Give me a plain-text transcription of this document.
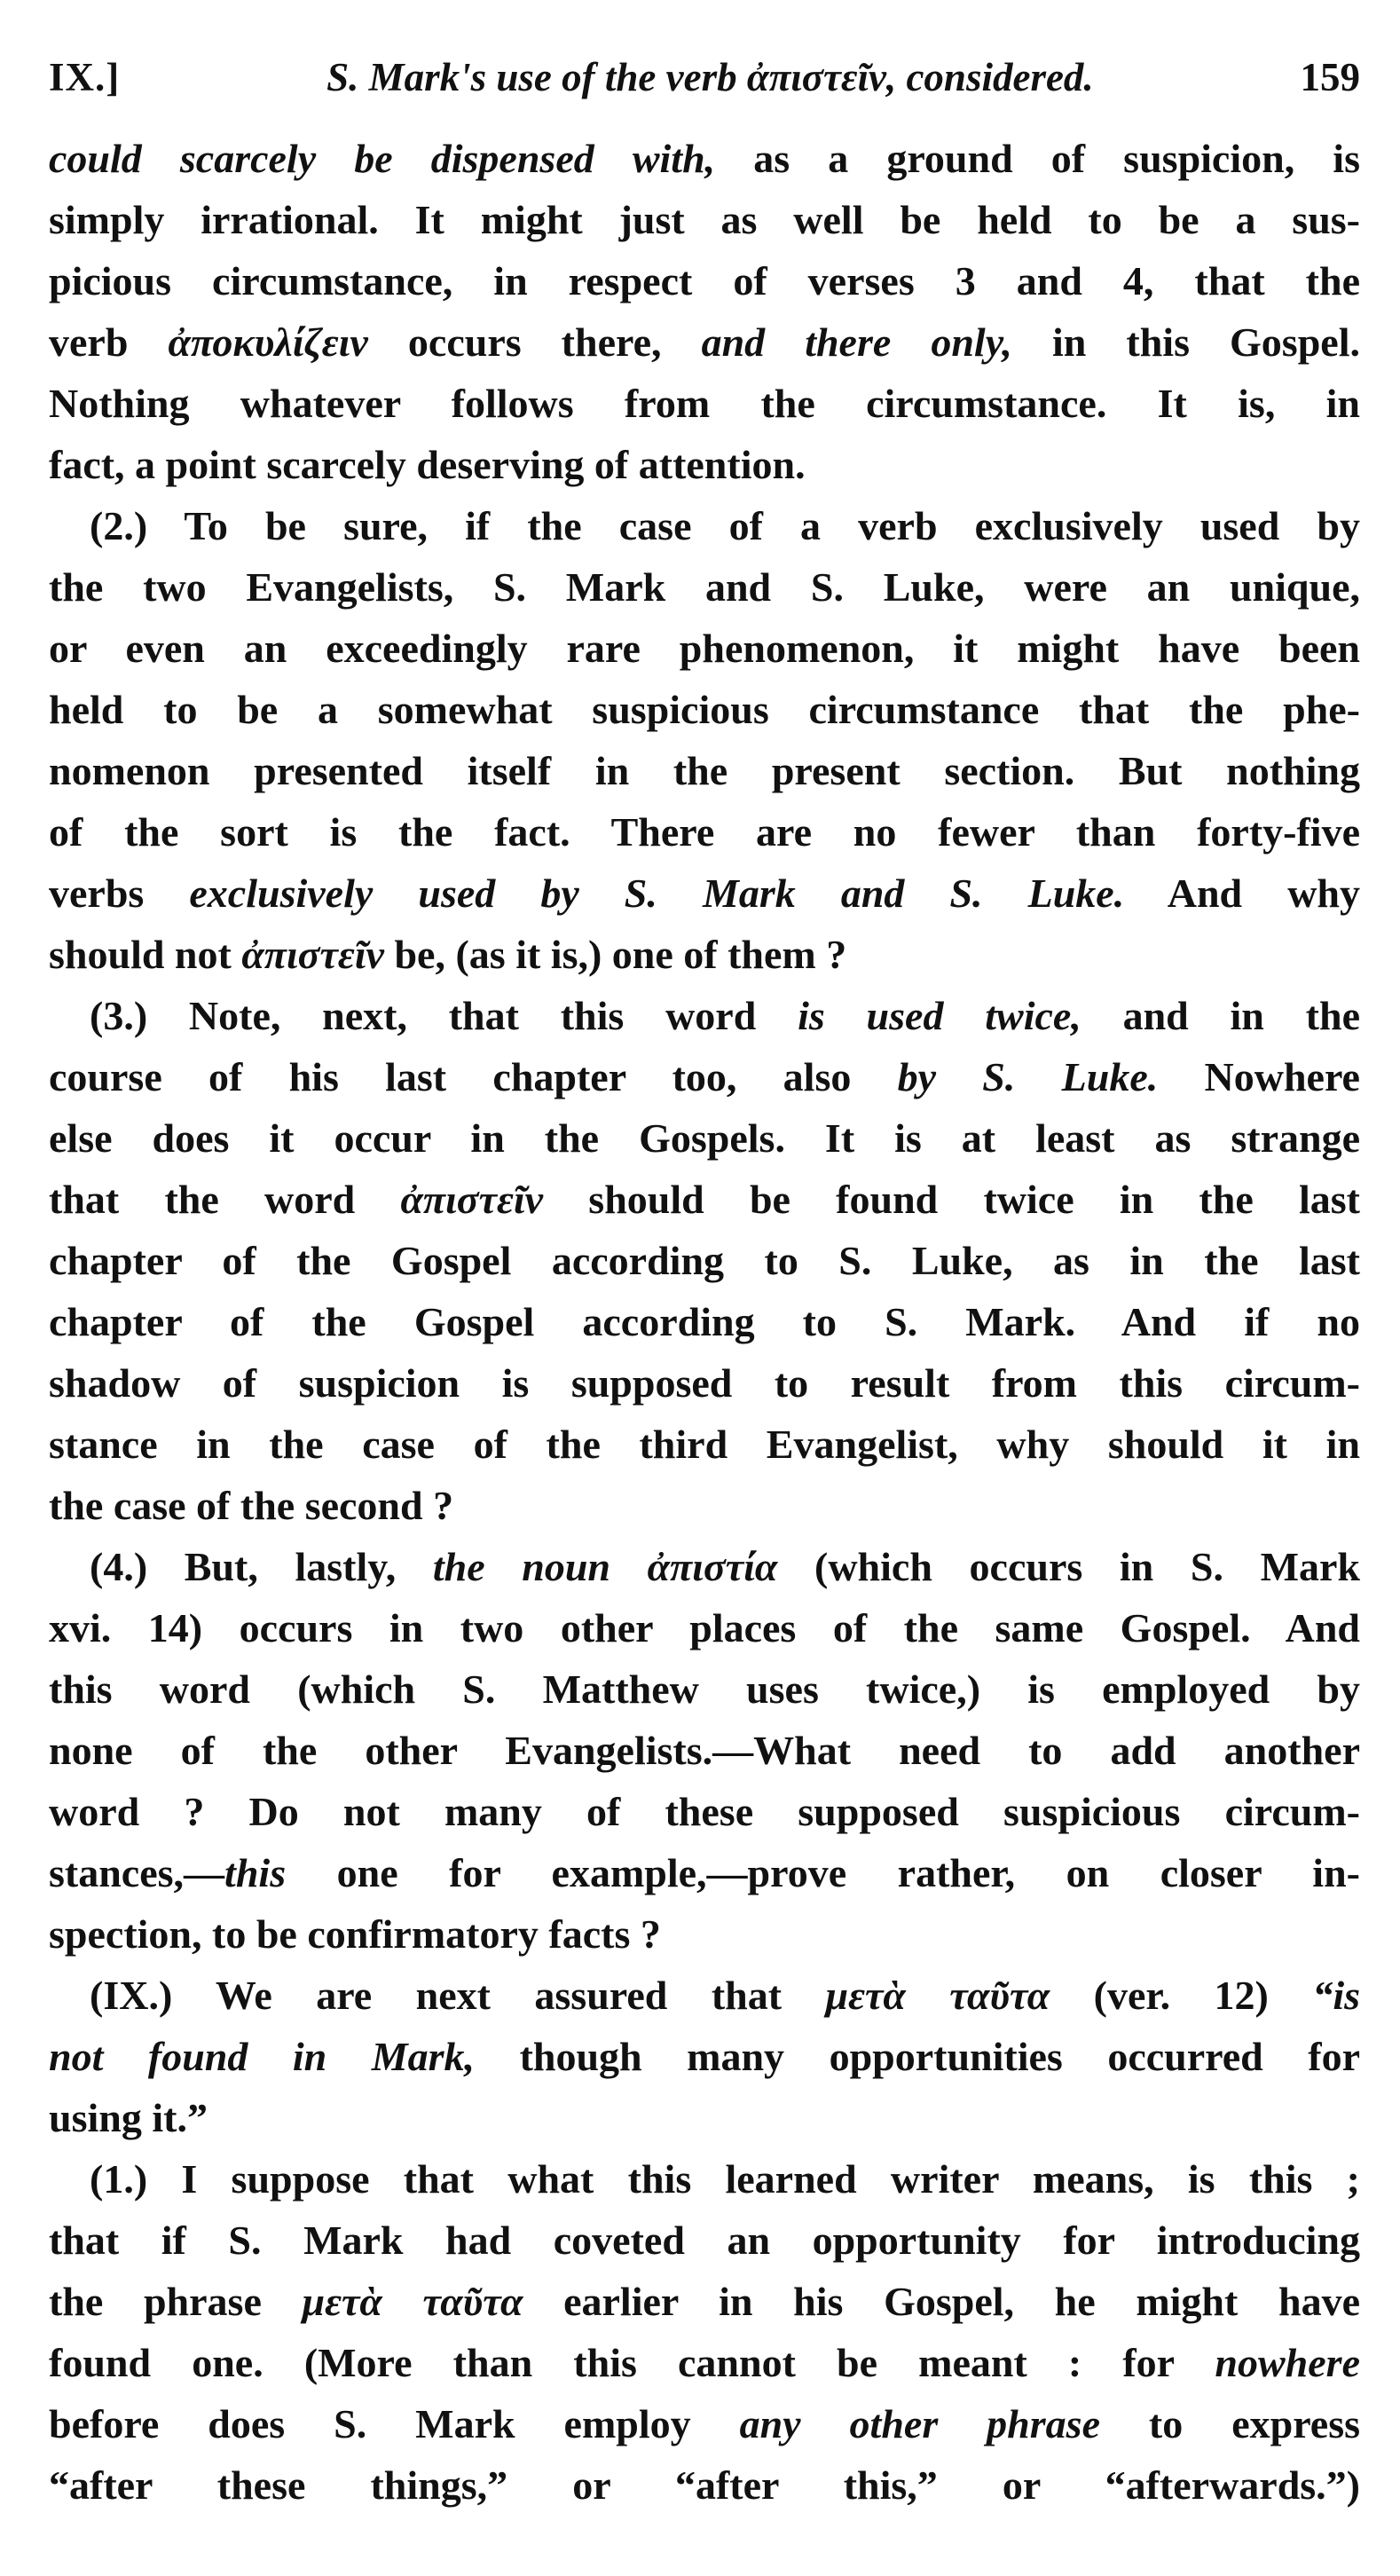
IX.]	S. Mark's use of the verb ἀπιστεῖν, considered.	159

could scarcely be dispensed with, as a ground of suspicion, is

simply irrational. It might just as well be held to be a sus-

picious circumstance, in respect of verses 3 and 4, that the

verb ἀποκυλίζειν occurs there, and there only, in this Gospel.

Nothing whatever follows from the circumstance. It is, in

fact, a point scarcely deserving of attention.

(2.) To be sure, if the case of a verb exclusively used by

the two Evangelists, S. Mark and S. Luke, were an unique,

or even an exceedingly rare phenomenon, it might have been

held to be a somewhat suspicious circumstance that the phe-

nomenon presented itself in the present section. But nothing

of the sort is the fact. There are no fewer than forty-five

verbs exclusively used by S. Mark and S. Luke. And why

should not ἀπιστεῖν be, (as it is,) one of them ?

(3.) Note, next, that this word is used twice, and in the

course of his last chapter too, also by S. Luke. Nowhere

else does it occur in the Gospels. It is at least as strange

that the word ἀπιστεῖν should be found twice in the last

chapter of the Gospel according to S. Luke, as in the last

chapter of the Gospel according to S. Mark. And if no

shadow of suspicion is supposed to result from this circum-

stance in the case of the third Evangelist, why should it in

the case of the second ?

(4.) But, lastly, the noun ἀπιστία (which occurs in S. Mark

xvi. 14) occurs in two other places of the same Gospel. And

this word (which S. Matthew uses twice,) is employed by

none of the other Evangelists.—What need to add another

word ? Do not many of these supposed suspicious circum-

stances,—this one for example,—prove rather, on closer in-

spection, to be confirmatory facts ?

(IX.) We are next assured that μετὰ ταῦτα (ver. 12) “is

not found in Mark, though many opportunities occurred for

using it.”

(1.) I suppose that what this learned writer means, is this ;

that if S. Mark had coveted an opportunity for introducing

the phrase μετὰ ταῦτα earlier in his Gospel, he might have

found one. (More than this cannot be meant : for nowhere

before does S. Mark employ any other phrase to express

“after these things,” or “after this,” or “afterwards.”)
